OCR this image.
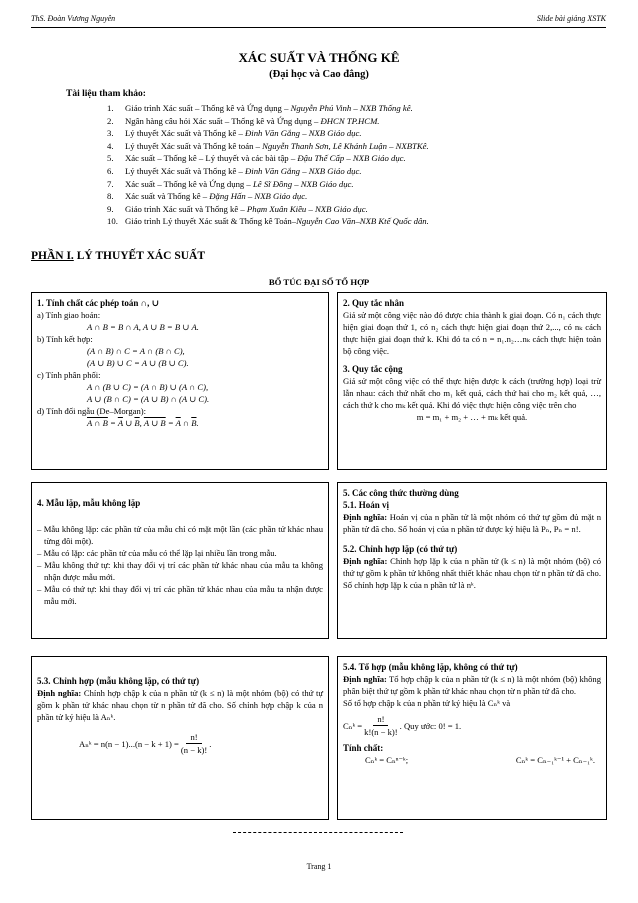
ThS. Đoàn Vương Nguyên	Slide bài giảng XSTK
XÁC SUẤT VÀ THỐNG KÊ
(Đại học và Cao đẳng)
Tài liệu tham khảo:
1. Giáo trình Xác suất – Thống kê và Ứng dụng – Nguyễn Phú Vinh – NXB Thống kê.
2. Ngân hàng câu hỏi Xác suất – Thống kê và Ứng dụng – ĐHCN TP.HCM.
3. Lý thuyết Xác suất và Thống kê – Đinh Văn Gắng – NXB Giáo dục.
4. Lý thuyết Xác suất và Thống kê toán – Nguyễn Thanh Sơn, Lê Khánh Luận – NXBTKê.
5. Xác suất – Thống kê – Lý thuyết và các bài tập – Đậu Thế Cấp – NXB Giáo dục.
6. Lý thuyết Xác suất và Thống kê – Đinh Văn Gắng – NXB Giáo dục.
7. Xác suất – Thống kê và Ứng dụng – Lê Sĩ Đồng – NXB Giáo dục.
8. Xác suất và Thống kê – Đặng Hấn – NXB Giáo dục.
9. Giáo trình Xác suất và Thống kê – Phạm Xuân Kiều – NXB Giáo dục.
10. Giáo trình Lý thuyết Xác suất & Thống kê Toán–Nguyễn Cao Văn–NXB Ktế Quốc dân.
PHẦN I. LÝ THUYẾT XÁC SUẤT
BỔ TÚC ĐẠI SỐ TỔ HỢP
1. Tính chất các phép toán ∩, ∪
a) Tính giao hoán:
A ∩ B = B ∩ A, A ∪ B = B ∪ A.
b) Tính kết hợp:
(A ∩ B) ∩ C = A ∩ (B ∩ C),
(A ∪ B) ∪ C = A ∪ (B ∪ C).
c) Tính phân phối:
A ∩ (B ∪ C) = (A ∩ B) ∪ (A ∩ C),
A ∪ (B ∩ C) = (A ∪ B) ∩ (A ∪ C).
d) Tính đối ngẫu (De–Morgan):
A ∩ $B = \overline{A}$ ∪ $\overline{B}$, A ∪ $B = \overline{A}$ ∩ $\overline{B}$.
2. Quy tắc nhân
Giả sử một công việc nào đó được chia thành k giai đoạn. Có n₁ cách thực hiện giai đoạn thứ 1, có n₂ cách thực hiện giai đoạn thứ 2,..., có nₖ cách thực hiện giai đoạn thứ k. Khi đó ta có n = n₁.n₂…nₖ cách thực hiện toàn bộ công việc.
3. Quy tắc cộng
Giả sử một công việc có thể thực hiện được k cách (trường hợp) loại trừ lẫn nhau: cách thứ nhất cho m₁ kết quả, cách thứ hai cho m₂ kết quả, …, cách thứ k cho mₖ kết quả. Khi đó việc thực hiện công việc trên cho
m = m₁ + m₂ + … + mₖ kết quả.
4. Mẫu lặp, mẫu không lặp
– Mẫu không lặp: các phần tử của mẫu chỉ có mặt một lần (các phần tử khác nhau từng đôi một).
– Mẫu có lặp: các phần tử của mẫu có thể lặp lại nhiều lần trong mẫu.
– Mẫu không thứ tự: khi thay đổi vị trí các phần tử khác nhau của mẫu ta không nhận được mẫu mới.
– Mẫu có thứ tự: khi thay đổi vị trí các phần tử khác nhau của mẫu ta nhận được mẫu mới.
5. Các công thức thường dùng
5.1. Hoán vị
Định nghĩa: Hoán vị của n phần tử là một nhóm có thứ tự gồm đủ mặt n phần tử đã cho. Số hoán vị của n phần tử được ký hiệu là Pₙ, Pₙ = n!.
5.2. Chỉnh hợp lặp (có thứ tự)
Định nghĩa: Chỉnh hợp lặp k của n phần tử (k ≤ n) là một nhóm (bộ) có thứ tự gồm k phần tử không nhất thiết khác nhau chọn từ n phần tử đã cho. Số chỉnh hợp lặp k của n phần tử là nᵏ.
5.3. Chỉnh hợp (mẫu không lặp, có thứ tự)
Định nghĩa: Chỉnh hợp chập k của n phần tử (k ≤ n) là một nhóm (bộ) có thứ tự gồm k phần tử khác nhau chọn từ n phần tử đã cho. Số chỉnh hợp chập k của n phần tử ký hiệu là Aₙᵏ.
Aₙᵏ = $n(n - 1)...(n - k + 1) = \frac{n!}{(n - k)!}$ .
5.4. Tổ hợp (mẫu không lặp, không có thứ tự)
Định nghĩa: Tổ hợp chập k của n phần tử (k ≤ n) là một nhóm (bộ) không phân biệt thứ tự gồm k phần tử khác nhau chọn từ n phần tử đã cho.
Số tổ hợp chập k của n phần tử ký hiệu là Cₙᵏ và
Cₙᵏ = $\frac{n!}{k!(n - k)!}$ . Quy ước: 0! = 1.
Tính chất:
Cₙᵏ = Cₙⁿ⁻ᵏ;	Cₙᵏ = Cₙ₋₁ᵏ⁻¹ + Cₙ₋₁ᵏ.
Trang 1
